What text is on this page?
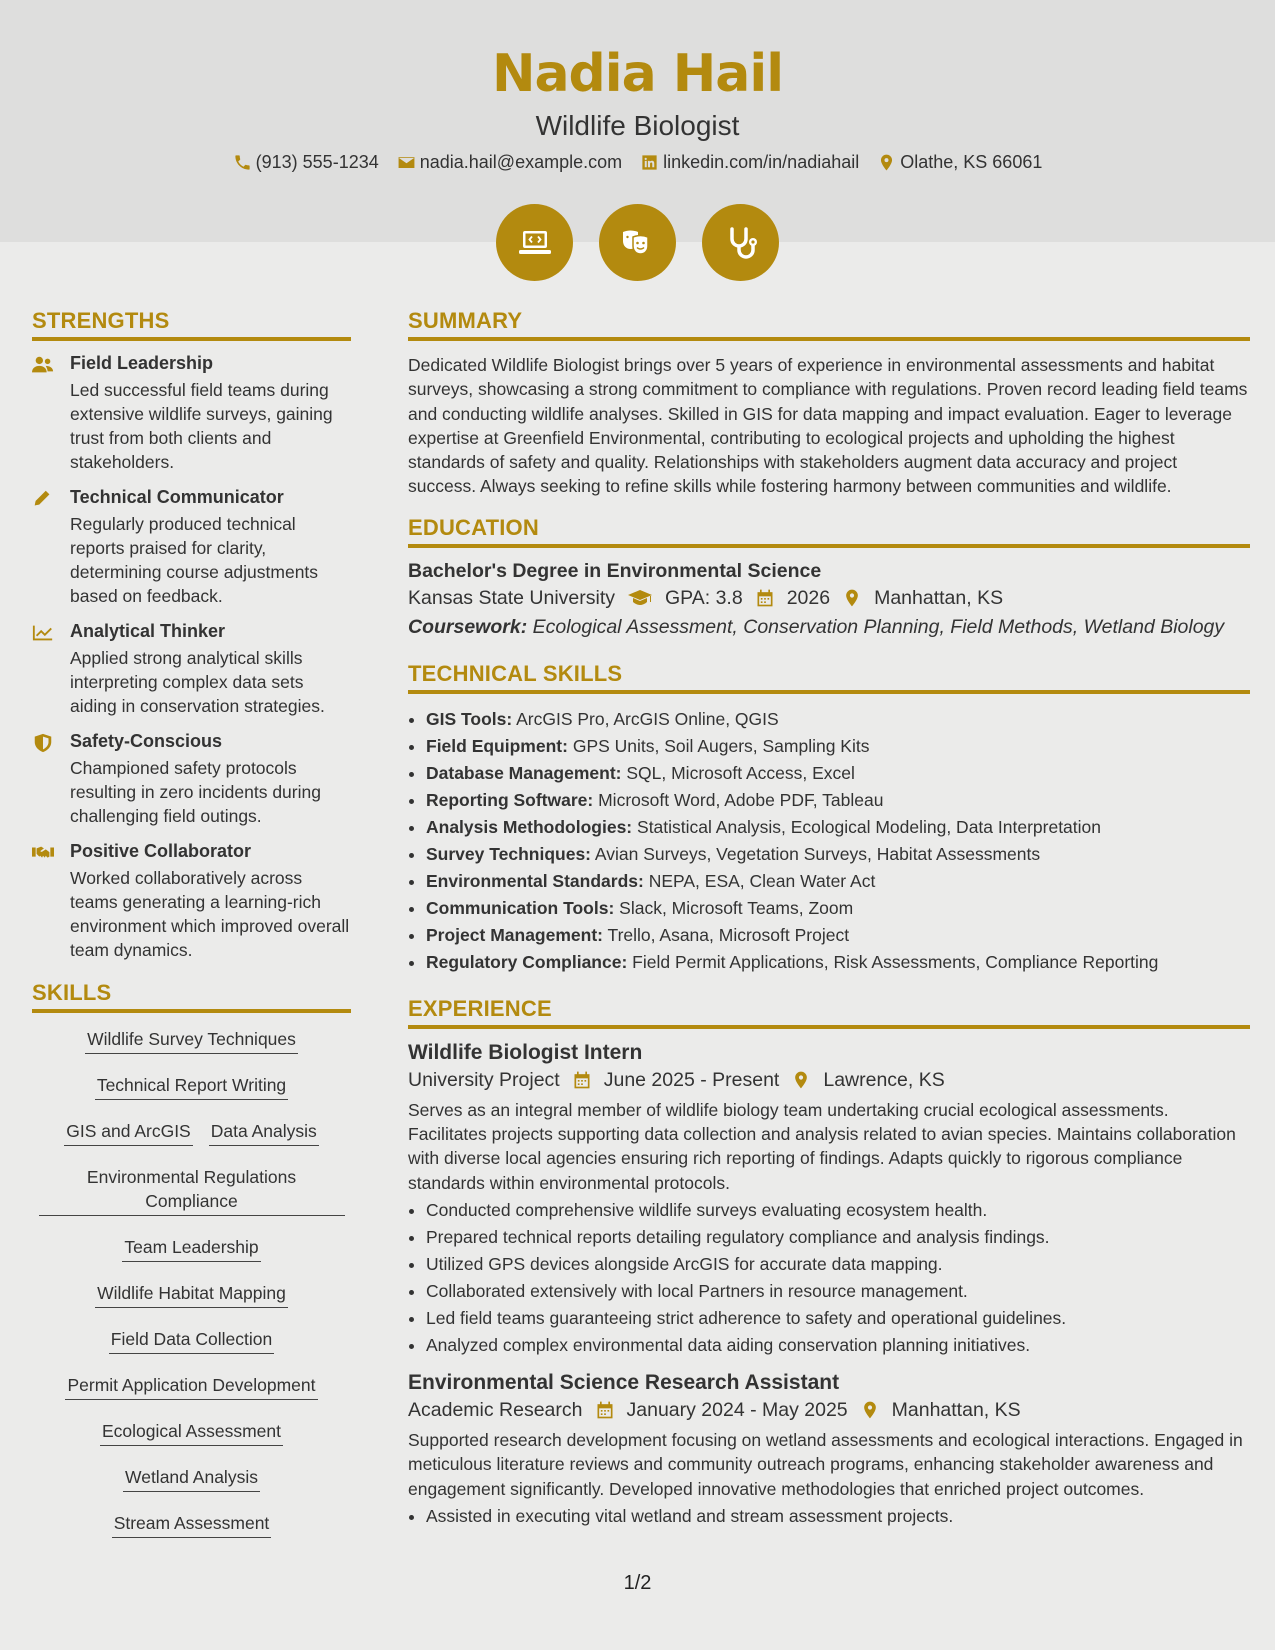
Nadia Hail
Wildlife Biologist
(913) 555-1234 nadia.hail@example.com linkedin.com/in/nadiahail Olathe, KS 66061
STRENGTHS
Field Leadership
Led successful field teams during extensive wildlife surveys, gaining trust from both clients and stakeholders.
Technical Communicator
Regularly produced technical reports praised for clarity, determining course adjustments based on feedback.
Analytical Thinker
Applied strong analytical skills interpreting complex data sets aiding in conservation strategies.
Safety-Conscious
Championed safety protocols resulting in zero incidents during challenging field outings.
Positive Collaborator
Worked collaboratively across teams generating a learning-rich environment which improved overall team dynamics.
SKILLS
Wildlife Survey Techniques
Technical Report Writing
GIS and ArcGIS Data Analysis
Environmental Regulations Compliance
Team Leadership
Wildlife Habitat Mapping
Field Data Collection
Permit Application Development
Ecological Assessment
Wetland Analysis
Stream Assessment
SUMMARY
Dedicated Wildlife Biologist brings over 5 years of experience in environmental assessments and habitat surveys, showcasing a strong commitment to compliance with regulations. Proven record leading field teams and conducting wildlife analyses. Skilled in GIS for data mapping and impact evaluation. Eager to leverage expertise at Greenfield Environmental, contributing to ecological projects and upholding the highest standards of safety and quality. Relationships with stakeholders augment data accuracy and project success. Always seeking to refine skills while fostering harmony between communities and wildlife.
EDUCATION
Bachelor's Degree in Environmental Science
Kansas State University	GPA: 3.8 2026 Manhattan, KS
Coursework: Ecological Assessment, Conservation Planning, Field Methods, Wetland Biology
TECHNICAL SKILLS
• GIS Tools: ArcGIS Pro, ArcGIS Online, QGIS
• Field Equipment: GPS Units, Soil Augers, Sampling Kits
• Database Management: SQL, Microsoft Access, Excel
• Reporting Software: Microsoft Word, Adobe PDF, Tableau
• Analysis Methodologies: Statistical Analysis, Ecological Modeling, Data Interpretation
• Survey Techniques: Avian Surveys, Vegetation Surveys, Habitat Assessments
• Environmental Standards: NEPA, ESA, Clean Water Act
• Communication Tools: Slack, Microsoft Teams, Zoom
• Project Management: Trello, Asana, Microsoft Project
• Regulatory Compliance: Field Permit Applications, Risk Assessments, Compliance Reporting
EXPERIENCE
Wildlife Biologist Intern
University Project June 2025 - Present Lawrence, KS
Serves as an integral member of wildlife biology team undertaking crucial ecological assessments. Facilitates projects supporting data collection and analysis related to avian species. Maintains collaboration with diverse local agencies ensuring rich reporting of findings. Adapts quickly to rigorous compliance standards within environmental protocols.
• Conducted comprehensive wildlife surveys evaluating ecosystem health.
• Prepared technical reports detailing regulatory compliance and analysis findings.
• Utilized GPS devices alongside ArcGIS for accurate data mapping.
• Collaborated extensively with local Partners in resource management.
• Led field teams guaranteeing strict adherence to safety and operational guidelines.
• Analyzed complex environmental data aiding conservation planning initiatives.
Environmental Science Research Assistant
Academic Research January 2024 - May 2025 Manhattan, KS
Supported research development focusing on wetland assessments and ecological interactions. Engaged in meticulous literature reviews and community outreach programs, enhancing stakeholder awareness and engagement significantly. Developed innovative methodologies that enriched project outcomes.
• Assisted in executing vital wetland and stream assessment projects.
1/2
